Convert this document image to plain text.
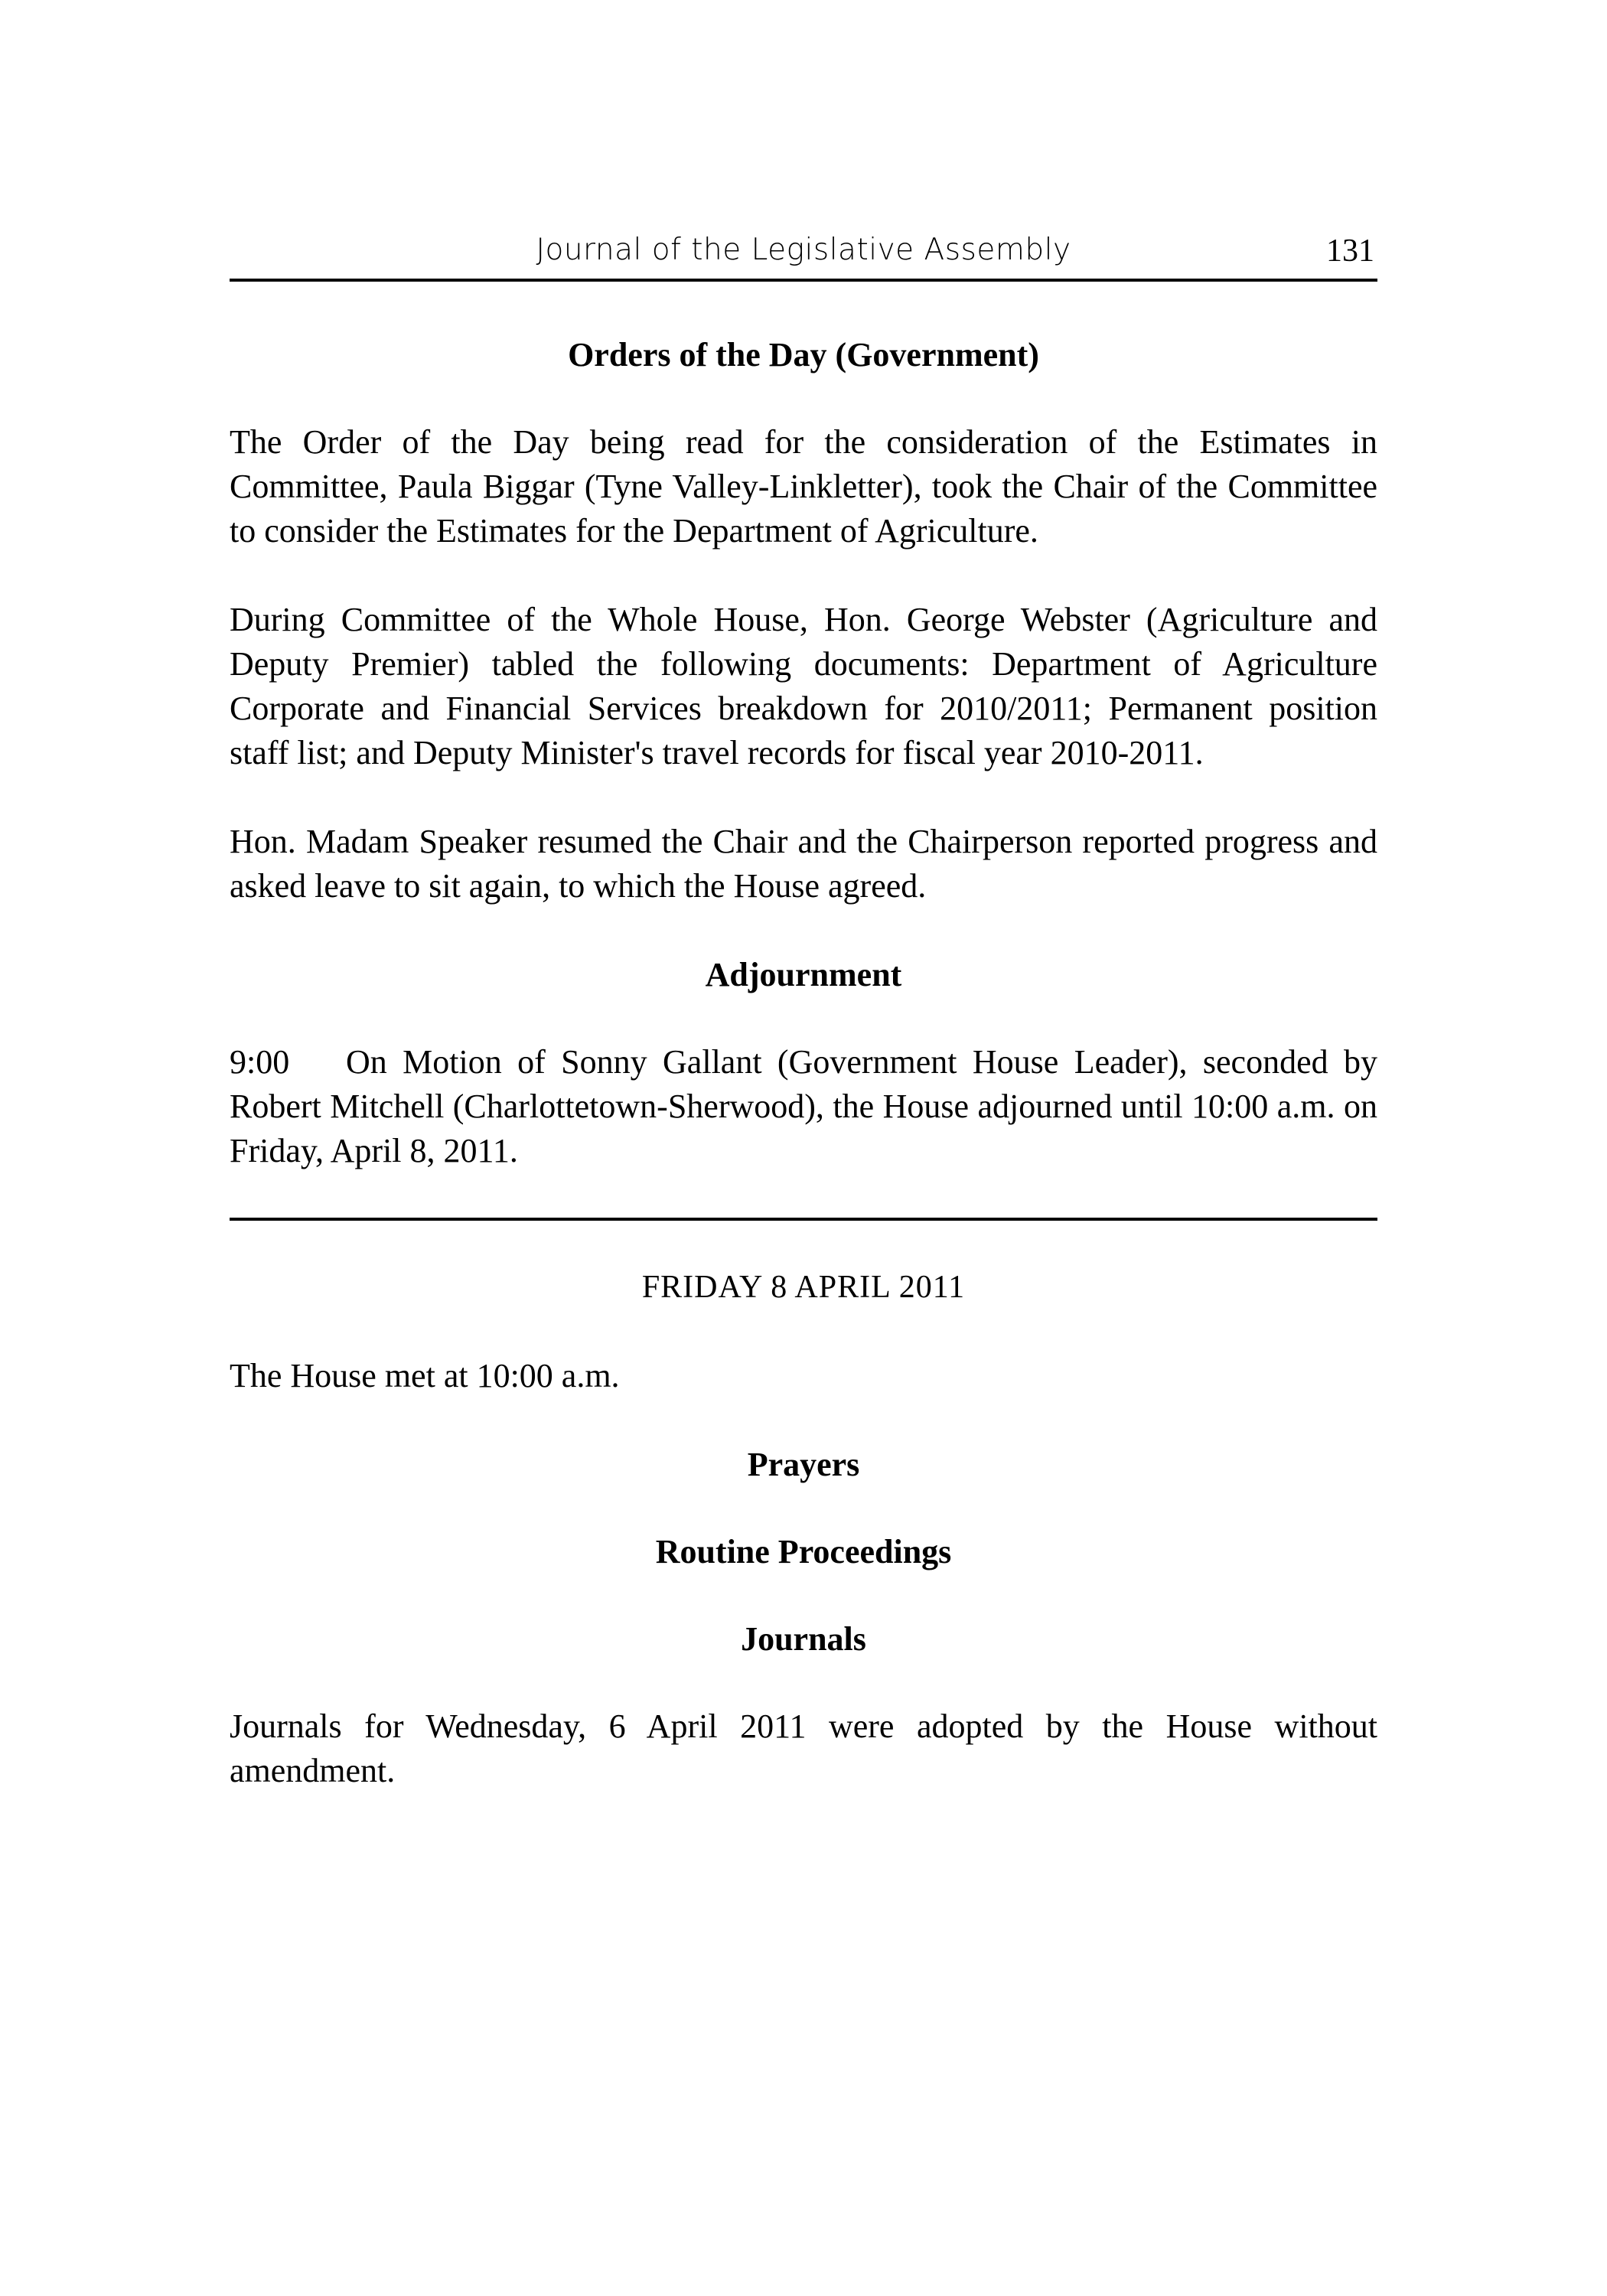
Journal of the Legislative Assembly	131
Orders of the Day (Government)

The Order of the Day being read for the consideration of the Estimates in Committee, Paula Biggar (Tyne Valley-Linkletter), took the Chair of the Committee to consider the Estimates for the Department of Agriculture.

During Committee of the Whole House, Hon. George Webster (Agriculture and Deputy Premier) tabled the following documents: Department of Agriculture Corporate and Financial Services breakdown for 2010/2011; Permanent position staff list; and Deputy Minister's travel records for fiscal year 2010-2011.

Hon. Madam Speaker resumed the Chair and the Chairperson reported progress and asked leave to sit again, to which the House agreed.

Adjournment

9:00 On Motion of Sonny Gallant (Government House Leader), seconded by Robert Mitchell (Charlottetown-Sherwood), the House adjourned until 10:00 a.m. on Friday, April 8, 2011.

FRIDAY 8 APRIL 2011

The House met at 10:00 a.m.

Prayers
Routine Proceedings
Journals

Journals for Wednesday, 6 April 2011 were adopted by the House without amendment.
